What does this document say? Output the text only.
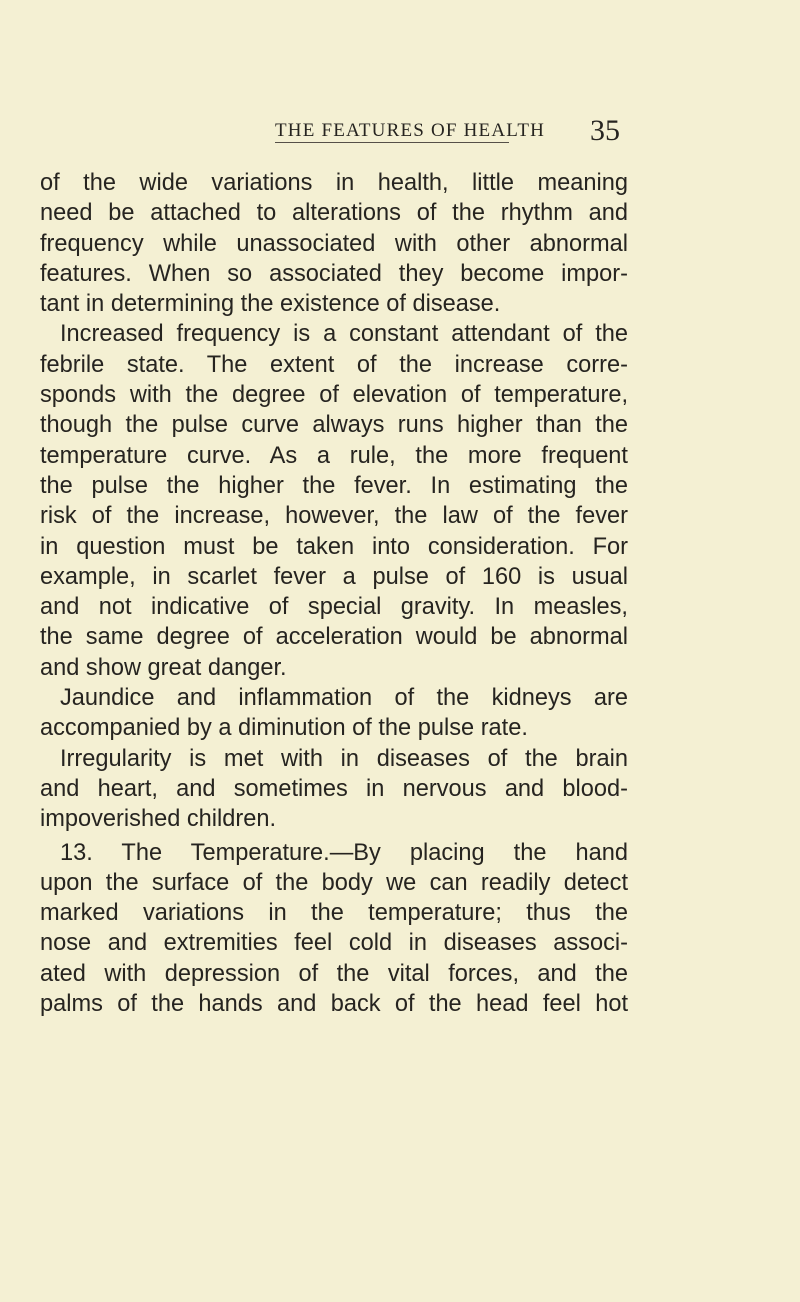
THE FEATURES OF HEALTH 35
of the wide variations in health, little meaning
need be attached to alterations of the rhythm and
frequency while unassociated with other abnormal
features. When so associated they become impor-
tant in determining the existence of disease.
Increased frequency is a constant attendant of the
febrile state. The extent of the increase corre-
sponds with the degree of elevation of temperature,
though the pulse curve always runs higher than the
temperature curve. As a rule, the more frequent
the pulse the higher the fever. In estimating the
risk of the increase, however, the law of the fever
in question must be taken into consideration. For
example, in scarlet fever a pulse of 160 is usual
and not indicative of special gravity. In measles,
the same degree of acceleration would be abnormal
and show great danger.
Jaundice and inflammation of the kidneys are
accompanied by a diminution of the pulse rate.
Irregularity is met with in diseases of the brain
and heart, and sometimes in nervous and blood-
impoverished children.
13. The Temperature.—By placing the hand
upon the surface of the body we can readily detect
marked variations in the temperature; thus the
nose and extremities feel cold in diseases associ-
ated with depression of the vital forces, and the
palms of the hands and back of the head feel hot
